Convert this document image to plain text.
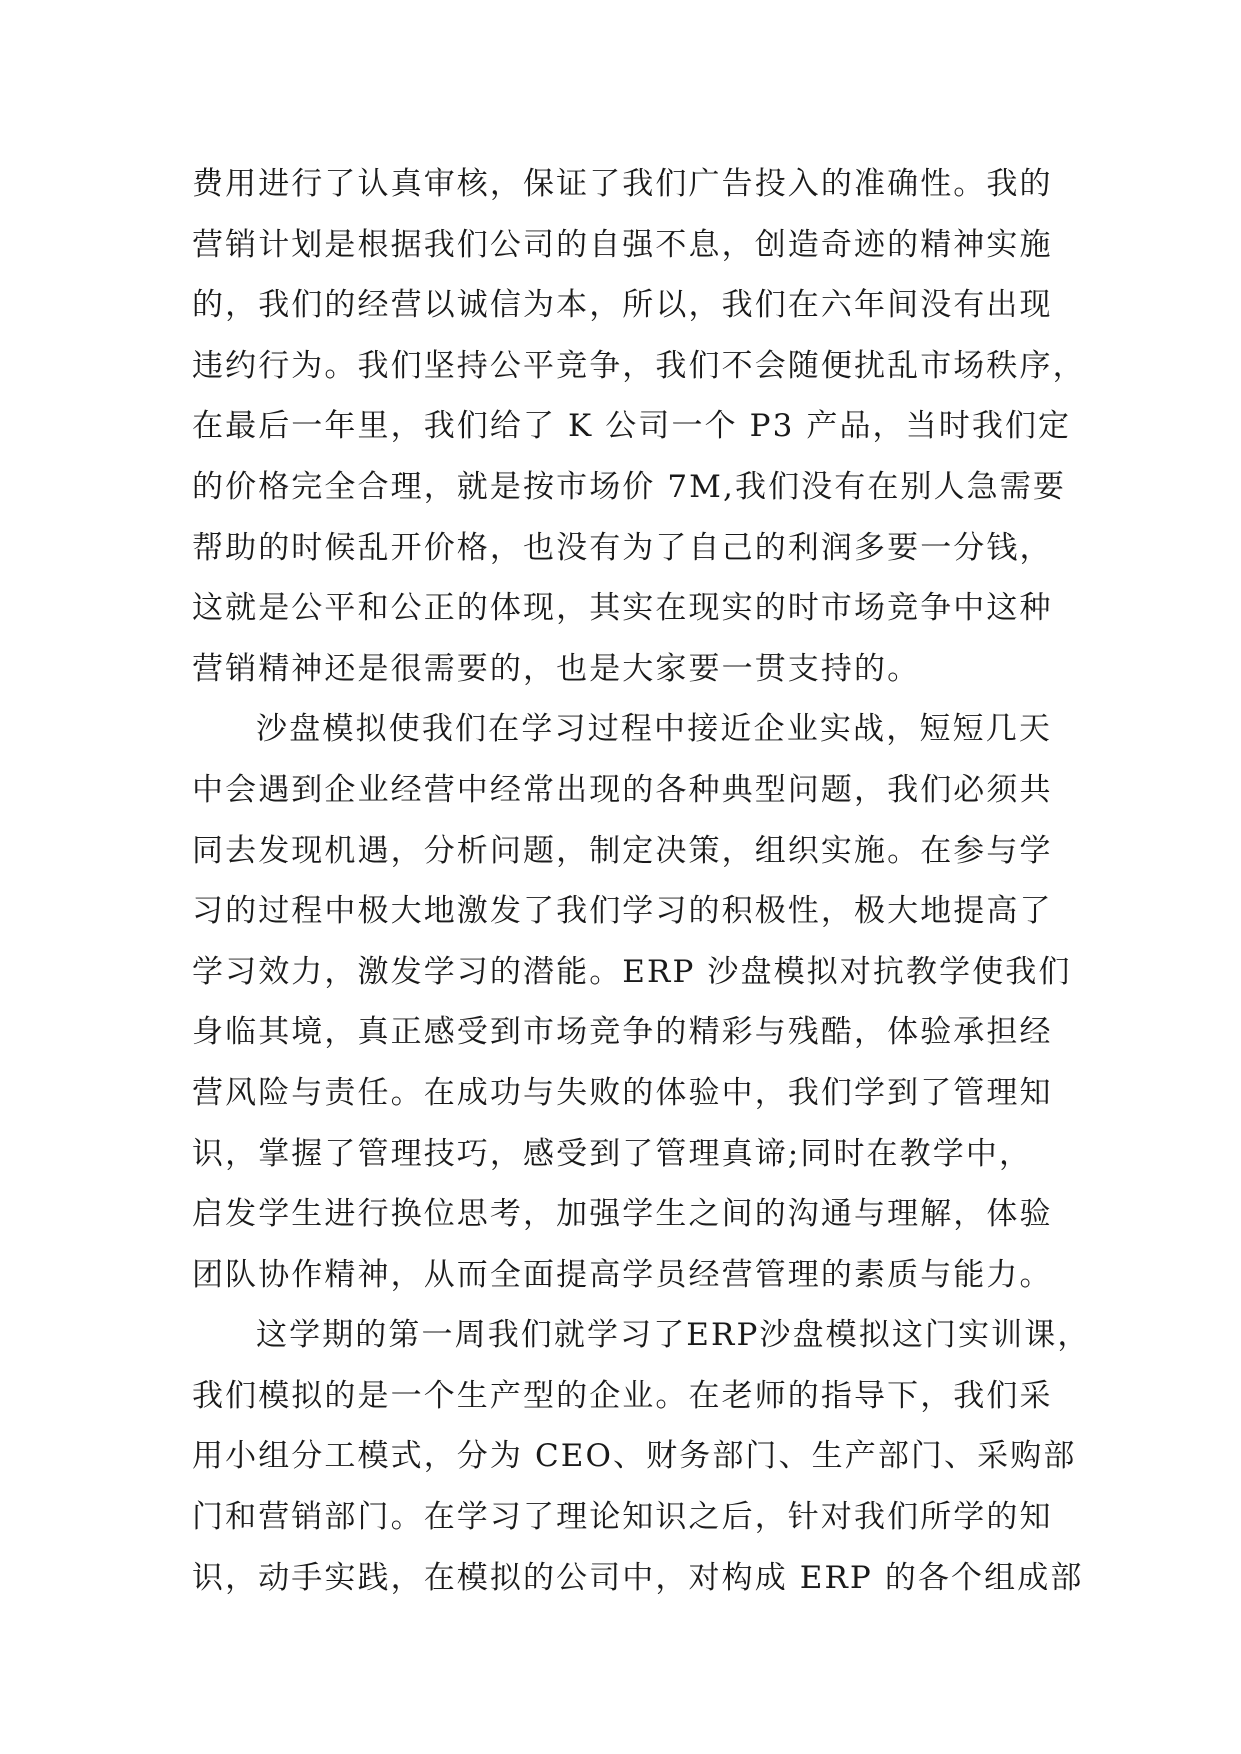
费用进行了认真审核，保证了我们广告投入的准确性。我的
营销计划是根据我们公司的自强不息，创造奇迹的精神实施
的，我们的经营以诚信为本，所以，我们在六年间没有出现
违约行为。我们坚持公平竞争，我们不会随便扰乱市场秩序，
在最后一年里，我们给了 K 公司一个 P3 产品，当时我们定
的价格完全合理，就是按市场价 7M,我们没有在别人急需要
帮助的时候乱开价格，也没有为了自己的利润多要一分钱，
这就是公平和公正的体现，其实在现实的时市场竞争中这种
营销精神还是很需要的，也是大家要一贯支持的。
沙盘模拟使我们在学习过程中接近企业实战，短短几天
中会遇到企业经营中经常出现的各种典型问题，我们必须共
同去发现机遇，分析问题，制定决策，组织实施。在参与学
习的过程中极大地激发了我们学习的积极性，极大地提高了
学习效力，激发学习的潜能。ERP 沙盘模拟对抗教学使我们
身临其境，真正感受到市场竞争的精彩与残酷，体验承担经
营风险与责任。在成功与失败的体验中，我们学到了管理知
识，掌握了管理技巧，感受到了管理真谛;同时在教学中，
启发学生进行换位思考，加强学生之间的沟通与理解，体验
团队协作精神，从而全面提高学员经营管理的素质与能力。
这学期的第一周我们就学习了ERP沙盘模拟这门实训课，
我们模拟的是一个生产型的企业。在老师的指导下，我们采
用小组分工模式，分为 CEO、财务部门、生产部门、采购部
门和营销部门。在学习了理论知识之后，针对我们所学的知
识，动手实践，在模拟的公司中，对构成 ERP 的各个组成部
